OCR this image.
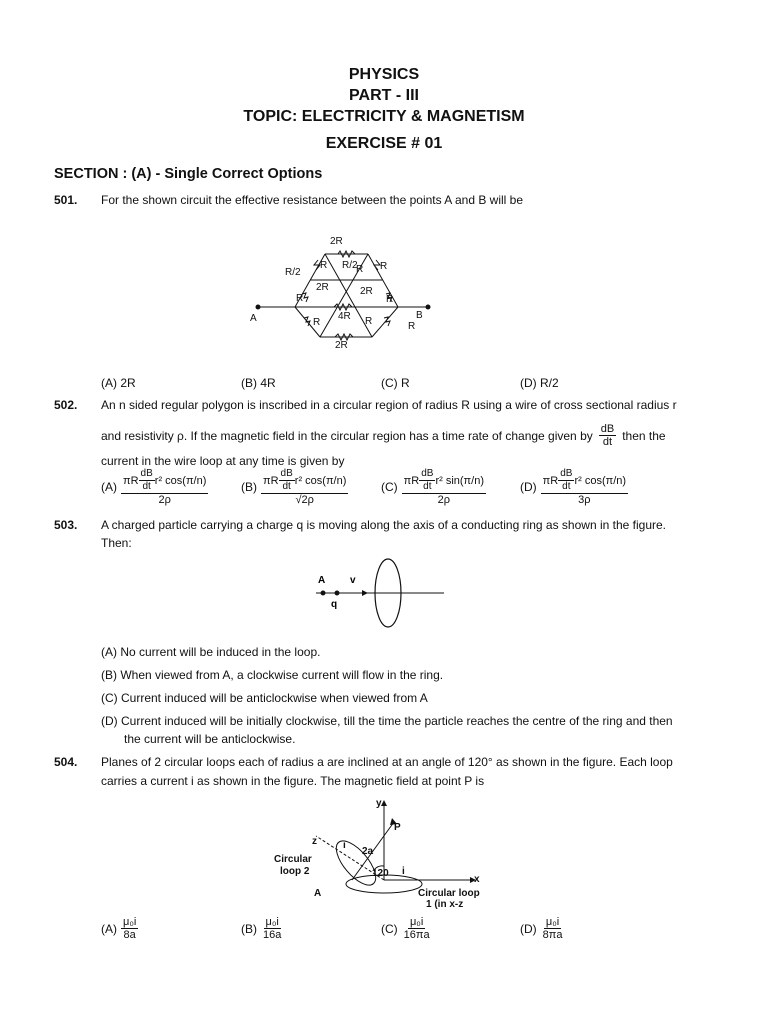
PHYSICS
PART - III
TOPIC: ELECTRICITY & MAGNETISM
EXERCISE # 01
SECTION : (A) - Single Correct Options
501. For the shown circuit the effective resistance between the points A and B will be
2R
R	R
R/2
R/2
2R	2R
R
R
4R R
R
R	R
2R
A	B
(A) 2R	(B) 4R	(C) R	(D) R/2
502. An n sided regular polygon is inscribed in a circular region of radius R using a wire of cross sectional radius r
and resistivity ρ. If the magnetic field in the circular region has a time rate of change given by $\frac{dB}{dt}$ then the
current in the wire loop at any time is given by
$(A) \frac{\pi R \frac{dB}{dt} r^2 \cos(\pi/n)}{2\rho}$	$(B) \frac{\pi R \frac{dB}{dt} r^2 \cos(\pi/n)}{√2\rho}$	$(C) \frac{\pi R \frac{dB}{dt} r^2 \sin(\pi/n)}{2\rho}$	$(D) \frac{\pi R \frac{dB}{dt} r^2 \cos(\pi/n)}{3\rho}$
503. A charged particle carrying a charge q is moving along the axis of a conducting ring as shown in the figure.
Then:
A v
q
(A) No current will be induced in the loop.
(B) When viewed from A, a clockwise current will flow in the ring.
(C) Current induced will be anticlockwise when viewed from A
(D) Current induced will be initially clockwise, till the time the particle reaches the centre of the ring and then
the current will be anticlockwise.
504. Planes of 2 circular loops each of radius a are inclined at an angle of 120° as shown in the figure. Each loop
carries a current i as shown in the figure. The magnetic field at point P is
y
P
x
z
2a
120
i
i
Circular
loop 2
A	Circular loop
1 (in x-z
$(A) \frac{\text{μ₀i}}{8a}$	$(B) \frac{\text{μ₀i}}{16a}$	$(C) \frac{\text{μ₀i}}{16\pi a}$	$(D) \frac{\text{μ₀i}}{8\pi a}$
